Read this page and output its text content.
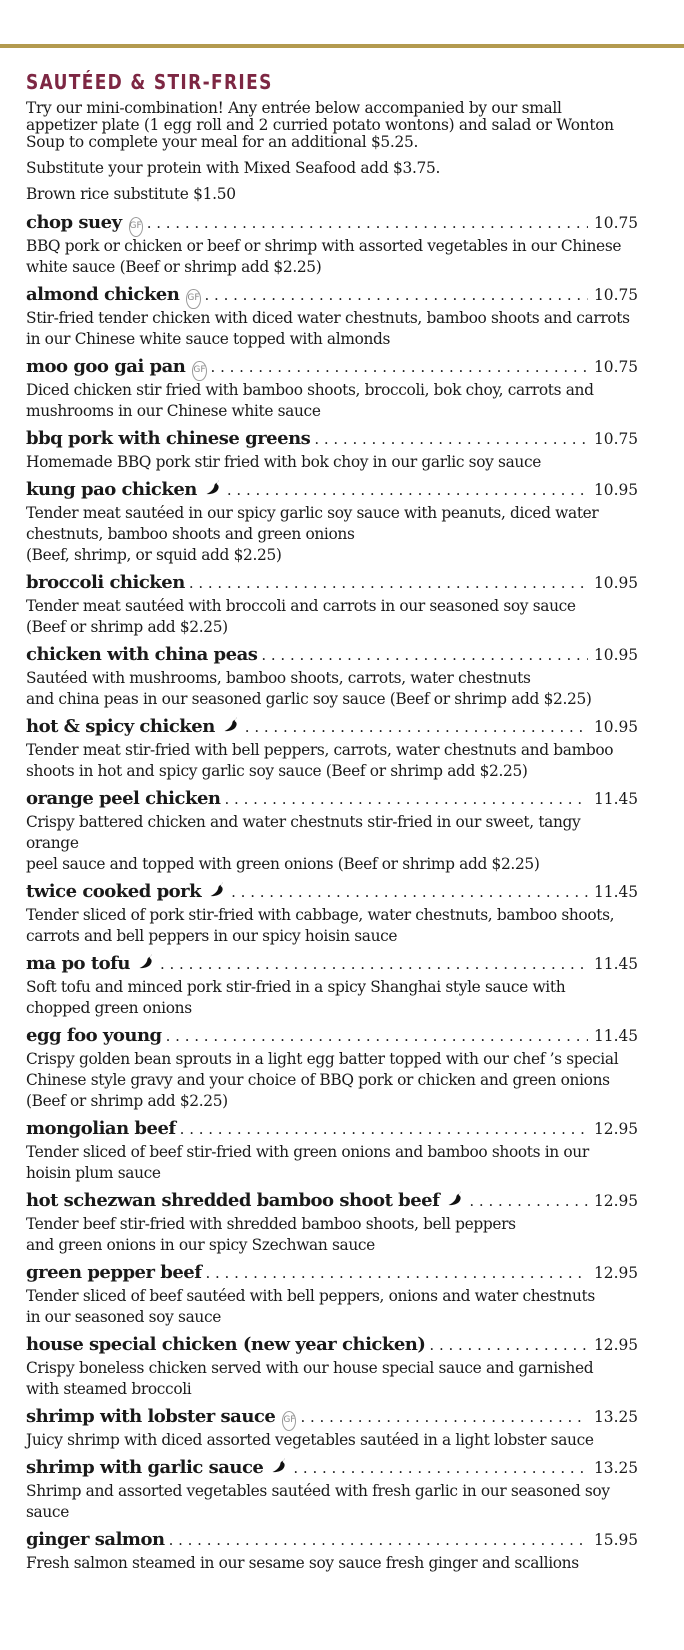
SAUTÉED & STIR-FRIES

Try our mini-combination! Any entrée below accompanied by our small appetizer plate (1 egg roll and 2 curried potato wontons) and salad or Wonton Soup to complete your meal for an additional $5.25.

Substitute your protein with Mixed Seafood add $3.75.

Brown rice substitute $1.50

chop suey GF . . .	10.75
BBQ pork or chicken or beef or shrimp with assorted vegetables in our Chinese
white sauce (Beef or shrimp add $2.25)
almond chicken GF . . .	10.75
Stir-fried tender chicken with diced water chestnuts, bamboo shoots and carrots
in our Chinese white sauce topped with almonds
moo goo gai pan GF . . .	10.75
Diced chicken stir fried with bamboo shoots, broccoli, bok choy, carrots and
mushrooms in our Chinese white sauce
bbq pork with chinese greens . . .	10.75
Homemade BBQ pork stir fried with bok choy in our garlic soy sauce
kung pao chicken . . .	10.95
Tender meat sautéed in our spicy garlic soy sauce with peanuts, diced water
chestnuts, bamboo shoots and green onions
(Beef, shrimp, or squid add $2.25)
broccoli chicken . . .	10.95
Tender meat sautéed with broccoli and carrots in our seasoned soy sauce
(Beef or shrimp add $2.25)
chicken with china peas . . .	10.95
Sautéed with mushrooms, bamboo shoots, carrots, water chestnuts
and china peas in our seasoned garlic soy sauce (Beef or shrimp add $2.25)
hot & spicy chicken . . .	10.95
Tender meat stir-fried with bell peppers, carrots, water chestnuts and bamboo
shoots in hot and spicy garlic soy sauce (Beef or shrimp add $2.25)
orange peel chicken . . .	11.45
Crispy battered chicken and water chestnuts stir-fried in our sweet, tangy orange
peel sauce and topped with green onions (Beef or shrimp add $2.25)
twice cooked pork . . .	11.45
Tender sliced of pork stir-fried with cabbage, water chestnuts, bamboo shoots,
carrots and bell peppers in our spicy hoisin sauce
ma po tofu . . .	11.45
Soft tofu and minced pork stir-fried in a spicy Shanghai style sauce with
chopped green onions
egg foo young . . .	11.45
Crispy golden bean sprouts in a light egg batter topped with our chef ’s special
Chinese style gravy and your choice of BBQ pork or chicken and green onions
(Beef or shrimp add $2.25)
mongolian beef . . .	12.95
Tender sliced of beef stir-fried with green onions and bamboo shoots in our
hoisin plum sauce
hot schezwan shredded bamboo shoot beef . . .	12.95
Tender beef stir-fried with shredded bamboo shoots, bell peppers
and green onions in our spicy Szechwan sauce
green pepper beef . . .	12.95
Tender sliced of beef sautéed with bell peppers, onions and water chestnuts
in our seasoned soy sauce
house special chicken (new year chicken) . . .	12.95
Crispy boneless chicken served with our house special sauce and garnished
with steamed broccoli
shrimp with lobster sauce GF . . .	13.25
Juicy shrimp with diced assorted vegetables sautéed in a light lobster sauce
shrimp with garlic sauce . . .	13.25
Shrimp and assorted vegetables sautéed with fresh garlic in our seasoned soy sauce
ginger salmon . . .	15.95
Fresh salmon steamed in our sesame soy sauce fresh ginger and scallions
